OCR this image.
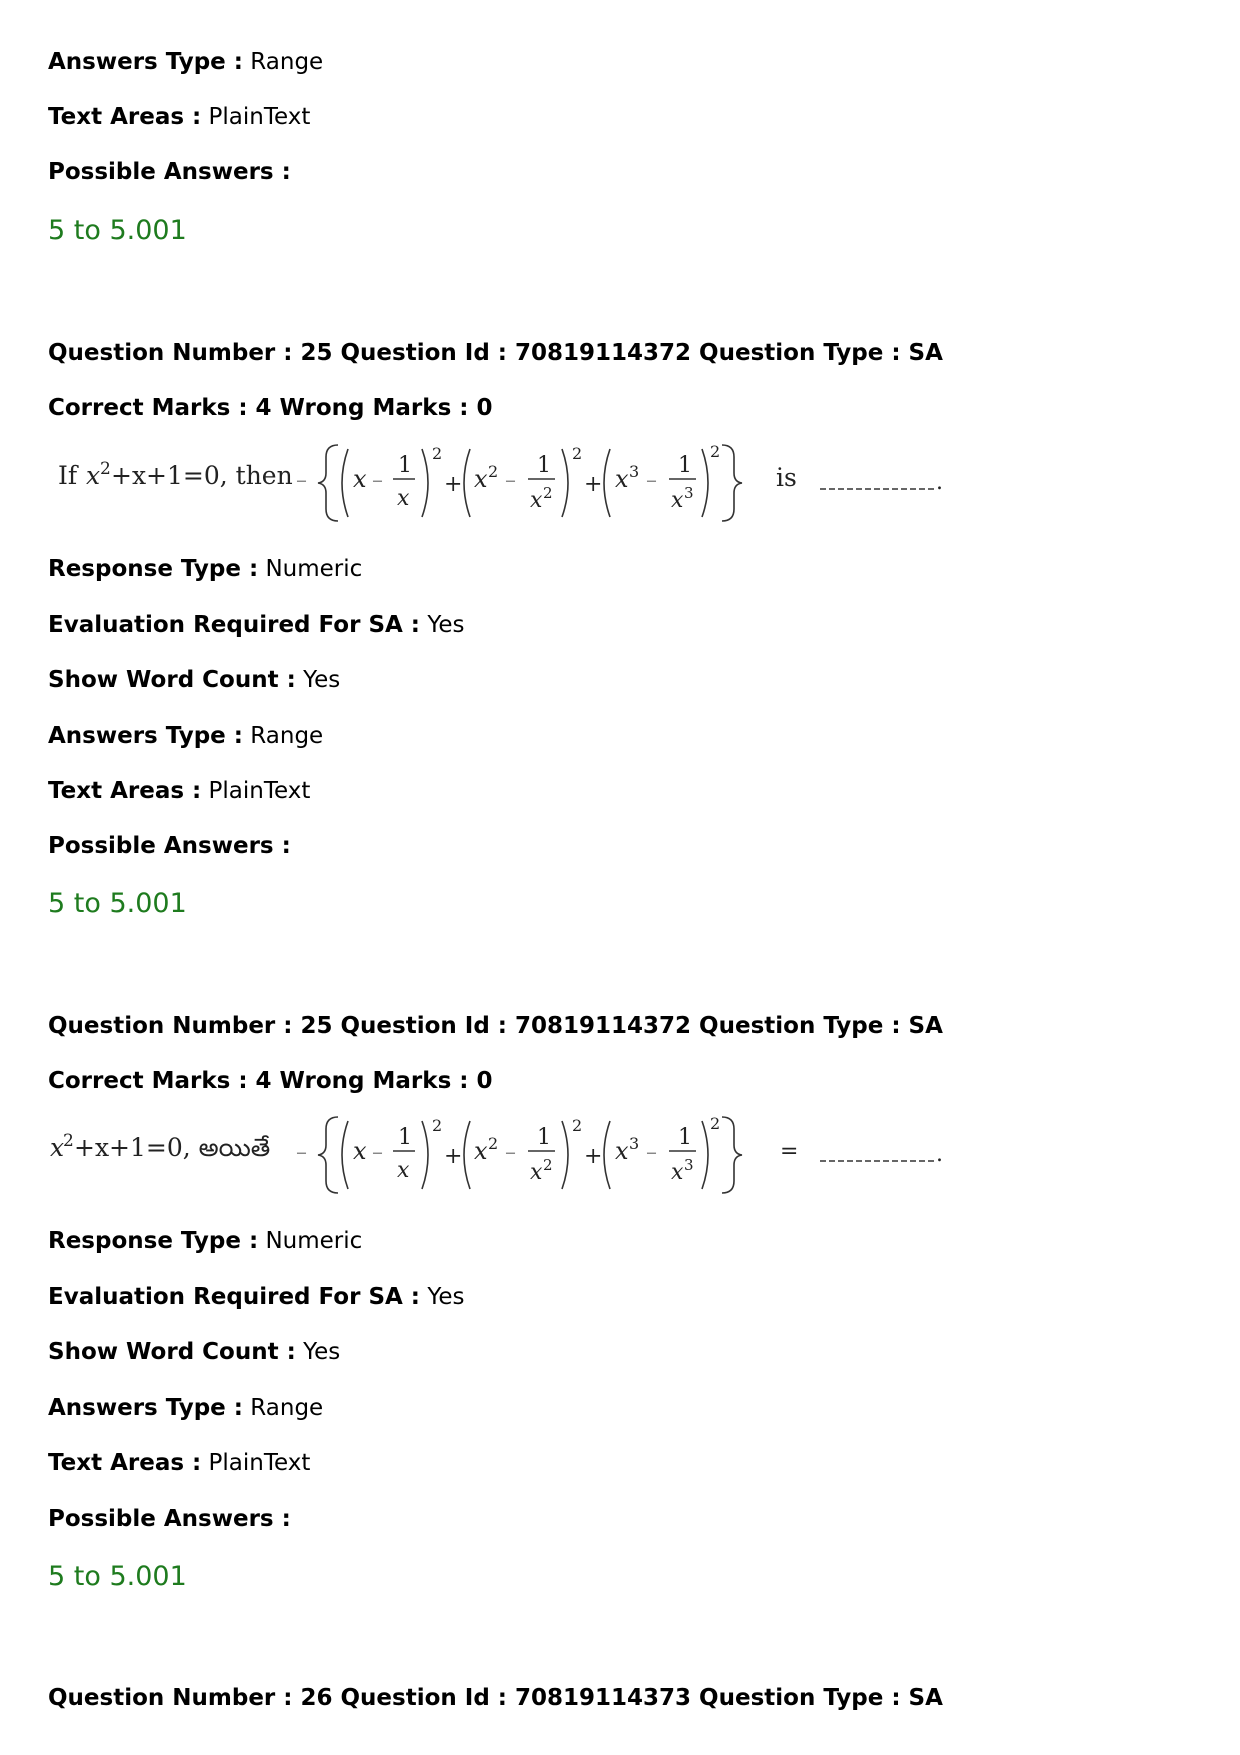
Answers Type : Range
Text Areas : PlainText
Possible Answers :
5 to 5.001
Question Number : 25 Question Id : 70819114372 Question Type : SA
Correct Marks : 4 Wrong Marks : 0
If x 2 +x+1=0, then – x –
1
x
2
+ x 2 –
1
x 2
2
+ x 3 –
1
x 3
2
is	.
Response Type : Numeric
Evaluation Required For SA : Yes
Show Word Count : Yes
Answers Type : Range
Text Areas : PlainText
Possible Answers :
5 to 5.001
Question Number : 25 Question Id : 70819114372 Question Type : SA
Correct Marks : 4 Wrong Marks : 0
x
2 +x+1=0, అయితే – x –
1
x
2
+ x 2 –
1
x 2
2
+ x 3 –
1
x 3
2
=	.
Response Type : Numeric
Evaluation Required For SA : Yes
Show Word Count : Yes
Answers Type : Range
Text Areas : PlainText
Possible Answers :
5 to 5.001
Question Number : 26 Question Id : 70819114373 Question Type : SA
